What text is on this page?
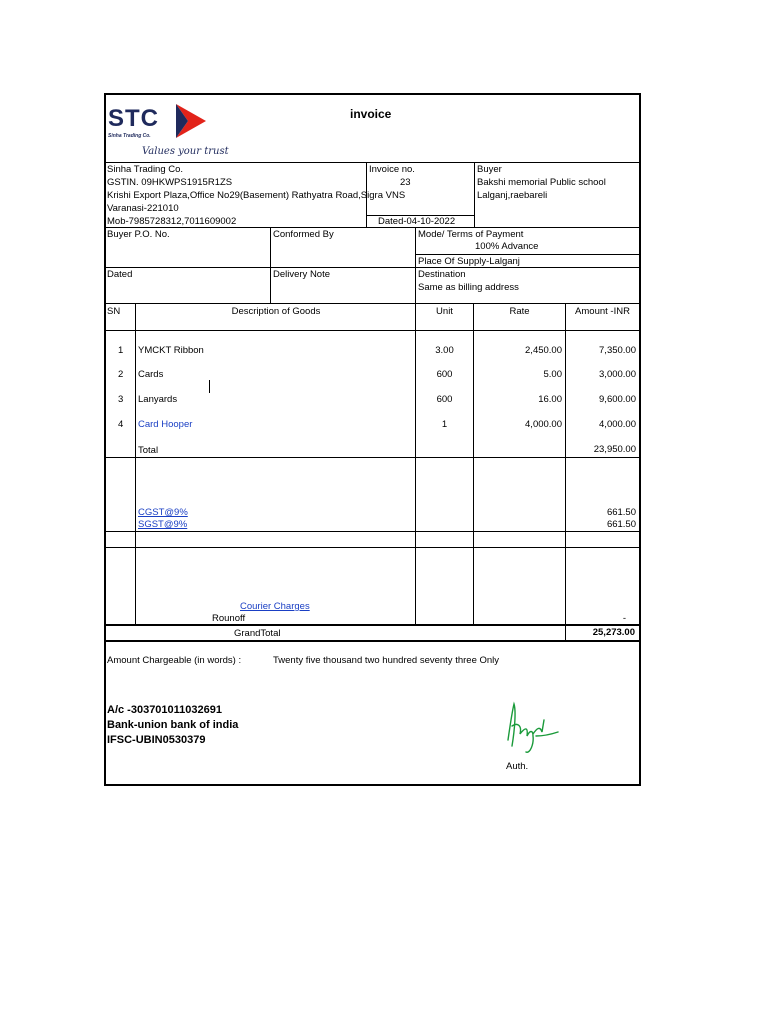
STC
Sinha Trading Co.
Values your trust
invoice
Sinha Trading Co.
GSTIN. 09HKWPS1915R1ZS
Krishi Export Plaza,Office No29(Basement) Rathyatra Road,Sigra VNS
Varanasi-221010
Mob-7985728312,7011609002
Invoice no.
23
Dated-04-10-2022
Buyer
Bakshi memorial Public school
Lalganj,raebareli
Buyer P.O. No.	Conformed By	Mode/ Terms of Payment
100% Advance
Place Of Supply-Lalganj
Dated	Delivery Note	Destination
Same as billing address
SN	Description of Goods	Unit	Rate	Amount -INR
1 YMCKT Ribbon	3.00	2,450.00	7,350.00
2 Cards	600	5.00	3,000.00
3 Lanyards	600	16.00	9,600.00
4 Card Hooper	1	4,000.00	4,000.00
Total	23,950.00
CGST@9%	661.50
SGST@9%	661.50
Courier Charges
Rounoff	-
GrandTotal	25,273.00
Amount Chargeable (in words) :	Twenty five thousand two hundred seventy three Only
A/c -303701011032691
Bank-union bank of india
IFSC-UBIN0530379
Auth.
